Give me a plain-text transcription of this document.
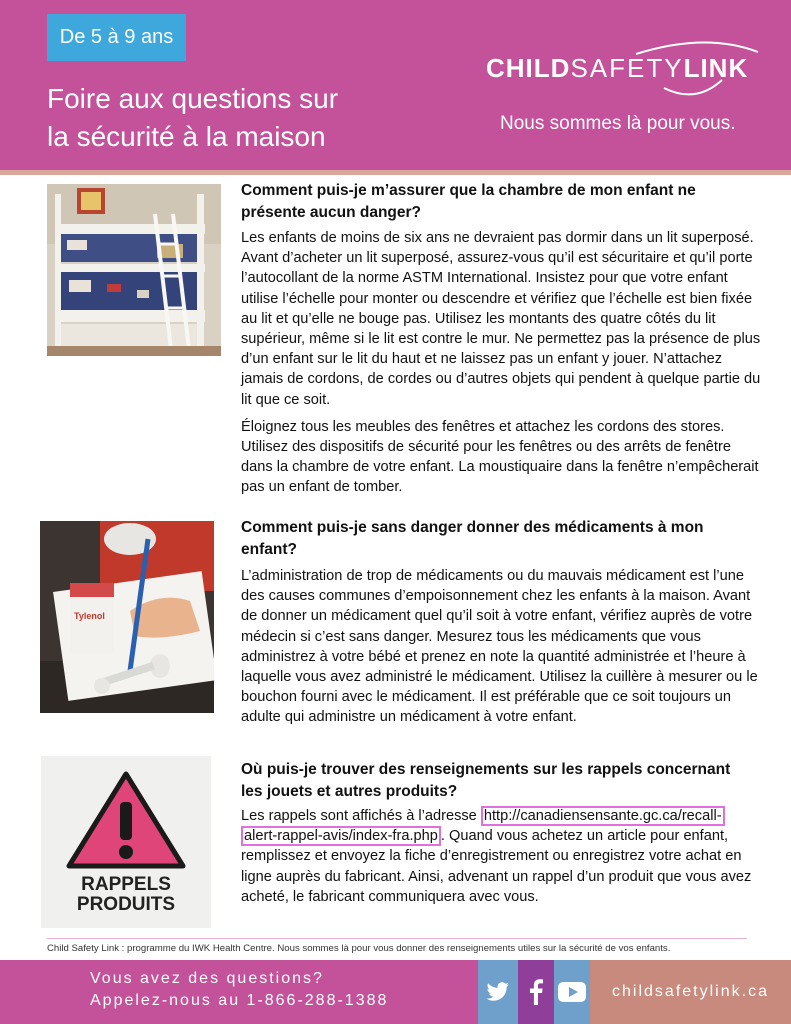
De 5 à 9 ans
Foire aux questions sur
la sécurité à la maison
CHILDSAFETYLINK
Nous sommes là pour vous.
Comment puis-je m’assurer que la chambre de mon enfant ne présente aucun danger?

Les enfants de moins de six ans ne devraient pas dormir dans un lit superposé. Avant d’acheter un lit superposé, assurez-vous qu’il est sécuritaire et qu’il porte l’autocollant de la norme ASTM International. Insistez pour que votre enfant utilise l’échelle pour monter ou descendre et vérifiez que l’échelle est bien fixée au lit et qu’elle ne bouge pas. Utilisez les montants des quatre côtés du lit supérieur, même si le lit est contre le mur. Ne permettez pas la présence de plus d’un enfant sur le lit du haut et ne laissez pas un enfant y jouer. N’attachez jamais de cordons, de cordes ou d’autres objets qui pendent à quelque partie du lit que ce soit.

Éloignez tous les meubles des fenêtres et attachez les cordons des stores. Utilisez des dispositifs de sécurité pour les fenêtres ou des arrêts de fenêtre dans la chambre de votre enfant. La moustiquaire dans la fenêtre n’empêcherait pas un enfant de tomber.

Tylenol
Comment puis-je sans danger donner des médicaments à mon enfant?

L’administration de trop de médicaments ou du mauvais médicament est l’une des causes communes d’empoisonnement chez les enfants à la maison. Avant de donner un médicament quel qu’il soit à votre enfant, vérifiez auprès de votre médecin si c’est sans danger. Mesurez tous les médicaments que vous administrez à votre bébé et prenez en note la quantité administrée et l’heure à laquelle vous avez administré le médicament. Utilisez la cuillère à mesurer ou le bouchon fourni avec le médicament. Il est préférable que ce soit toujours un adulte qui administre un médicament à votre enfant.

RAPPELS
PRODUITS
Où puis-je trouver des renseignements sur les rappels concernant les jouets et autres produits?

Les rappels sont affichés à l’adresse http://canadiensensante.gc.ca/recall-
alert-rappel-avis/index-fra.php . Quand vous achetez un article pour enfant, remplissez et envoyez la fiche d’enregistrement ou enregistrez votre achat en ligne auprès du fabricant. Ainsi, advenant un rappel d’un produit que vous avez acheté, le fabricant communiquera avec vous.

Child Safety Link : programme du IWK Health Centre. Nous sommes là pour vous donner des renseignements utiles sur la sécurité de vos enfants.
Vous avez des questions?
Appelez-nous au 1-866-288-1388
childsafetylink.ca
